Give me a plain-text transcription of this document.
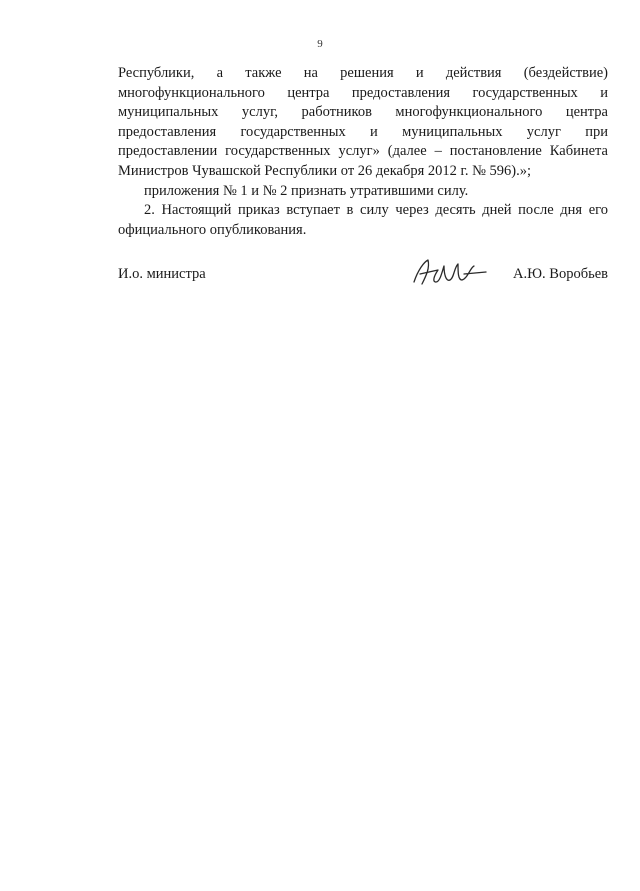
9

Республики, а также на решения и действия (бездействие)

многофункционального центра предоставления государственных и

муниципальных услуг, работников многофункционального центра

предоставления государственных и муниципальных услуг при

предоставлении государственных услуг» (далее – постановление Кабинета

Министров Чувашской Республики от 26 декабря 2012 г. № 596).»;

приложения № 1 и № 2 признать утратившими силу.

2. Настоящий приказ вступает в силу через десять дней после дня его официального опубликования.

И.о. министра	А.Ю. Воробьев
